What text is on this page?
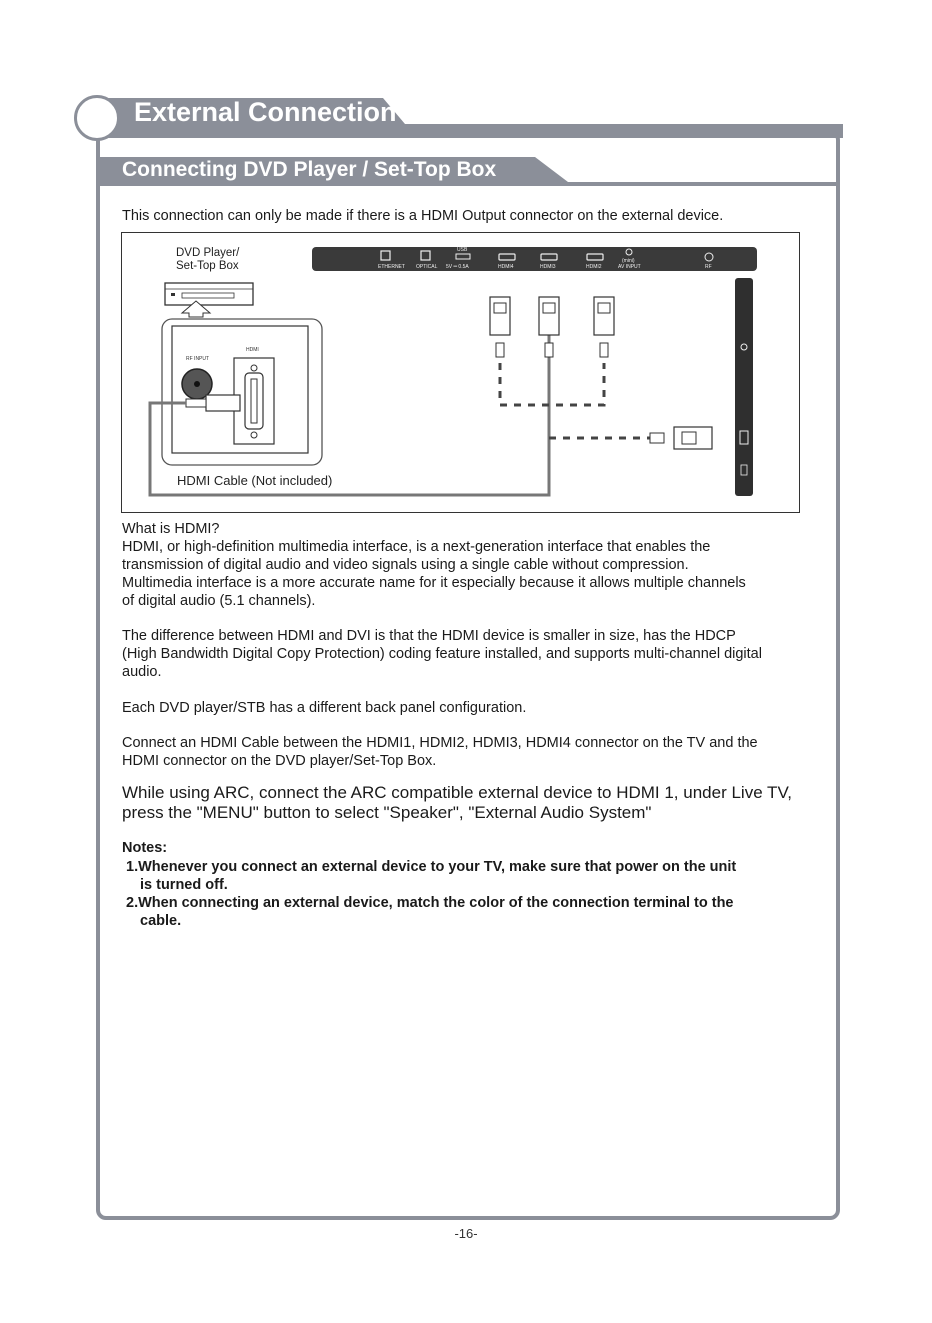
External Connection
Connecting DVD Player / Set-Top Box
This connection can only be made if there is a HDMI Output connector on the external device.
ETHERNET OPTICAL 5V ═ 0.5A
USB
HDMI4	HDMI3	HDMI2
(mini)
AV INPUT	RF
DVD Player/
Set-Top Box
RF INPUT
HDMI
HDMI Cable (Not included)
What is HDMI?
HDMI, or high-definition multimedia interface, is a next-generation interface that enables the
transmission of digital audio and video signals using a single cable without compression.
Multimedia interface is a more accurate name for it especially because it allows multiple channels
of digital audio (5.1 channels).
The difference between HDMI and DVI is that the HDMI device is smaller in size, has the HDCP
(High Bandwidth Digital Copy Protection) coding feature installed, and supports multi-channel digital
audio.
Each DVD player/STB has a different back panel configuration.
Connect an HDMI Cable between the HDMI1, HDMI2, HDMI3, HDMI4 connector on the TV and the
HDMI connector on the DVD player/Set-Top Box.
While using ARC, connect the ARC compatible external device to HDMI 1, under Live TV,
press the "MENU" button to select "Speaker", "External Audio System"
Notes:
1.Whenever you connect an external device to your TV, make sure that power on the unit
is turned off.
2.When connecting an external device, match the color of the connection terminal to the
cable.
-16-
